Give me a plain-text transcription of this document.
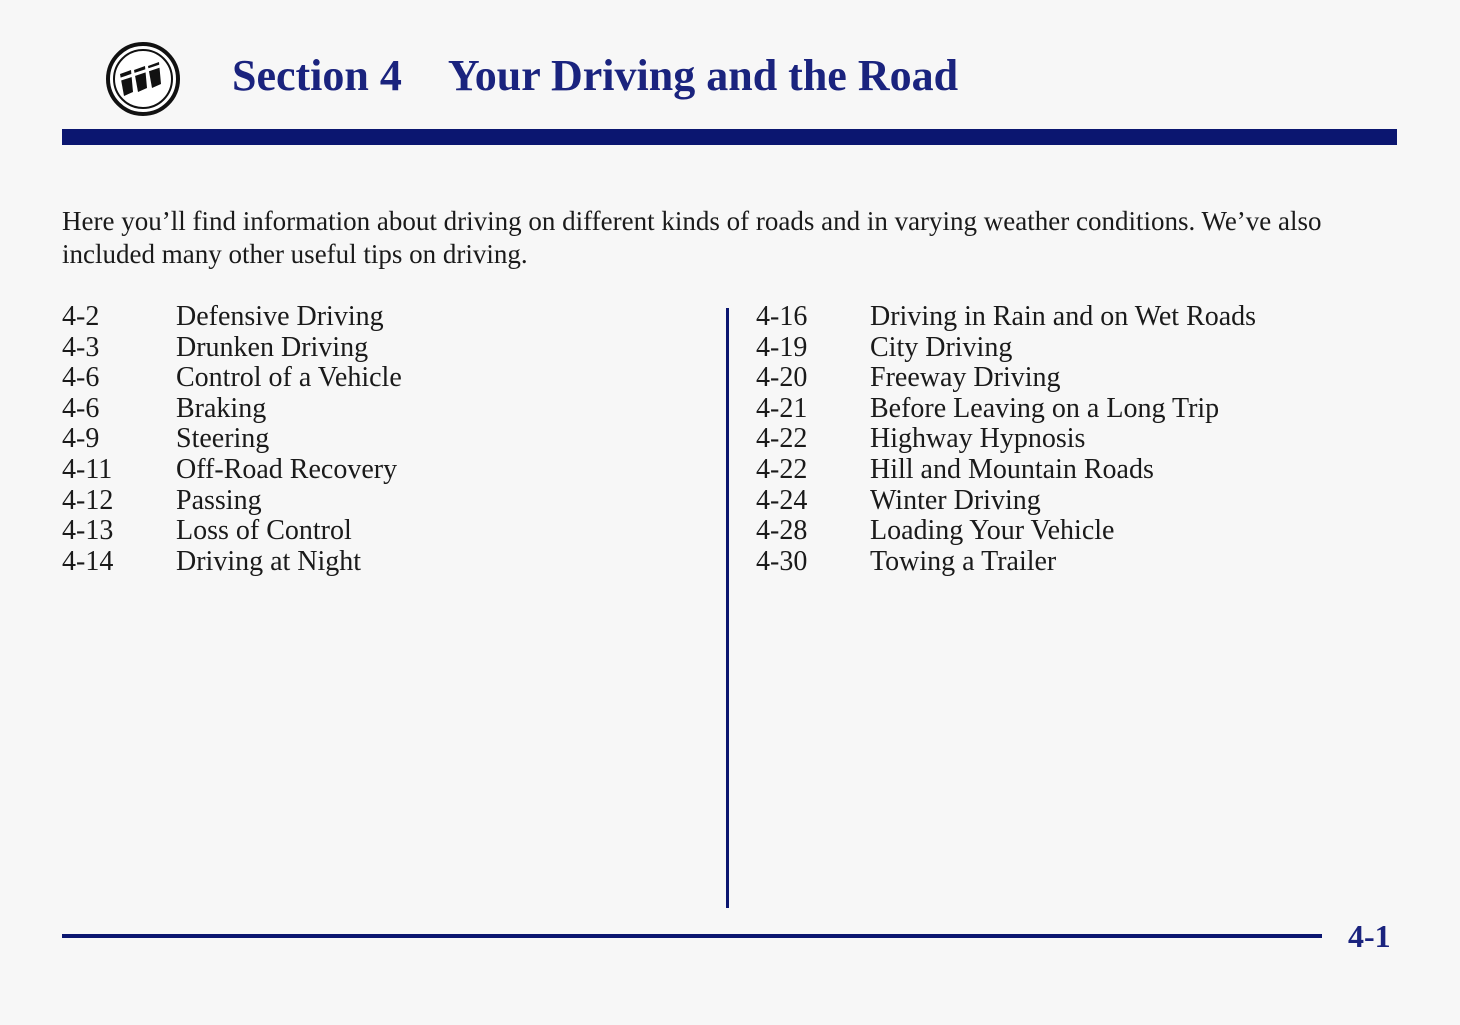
Section 4 Your Driving and the Road
Here you’ll find information about driving on different kinds of roads and in varying weather conditions. We’ve also included many other useful tips on driving.
4-2	Defensive Driving
4-3	Drunken Driving
4-6	Control of a Vehicle
4-6	Braking
4-9	Steering
4-11 Off-Road Recovery
4-12 Passing
4-13 Loss of Control
4-14 Driving at Night
4-16 Driving in Rain and on Wet Roads
4-19 City Driving
4-20 Freeway Driving
4-21 Before Leaving on a Long Trip
4-22 Highway Hypnosis
4-22 Hill and Mountain Roads
4-24 Winter Driving
4-28 Loading Your Vehicle
4-30 Towing a Trailer
4-1
